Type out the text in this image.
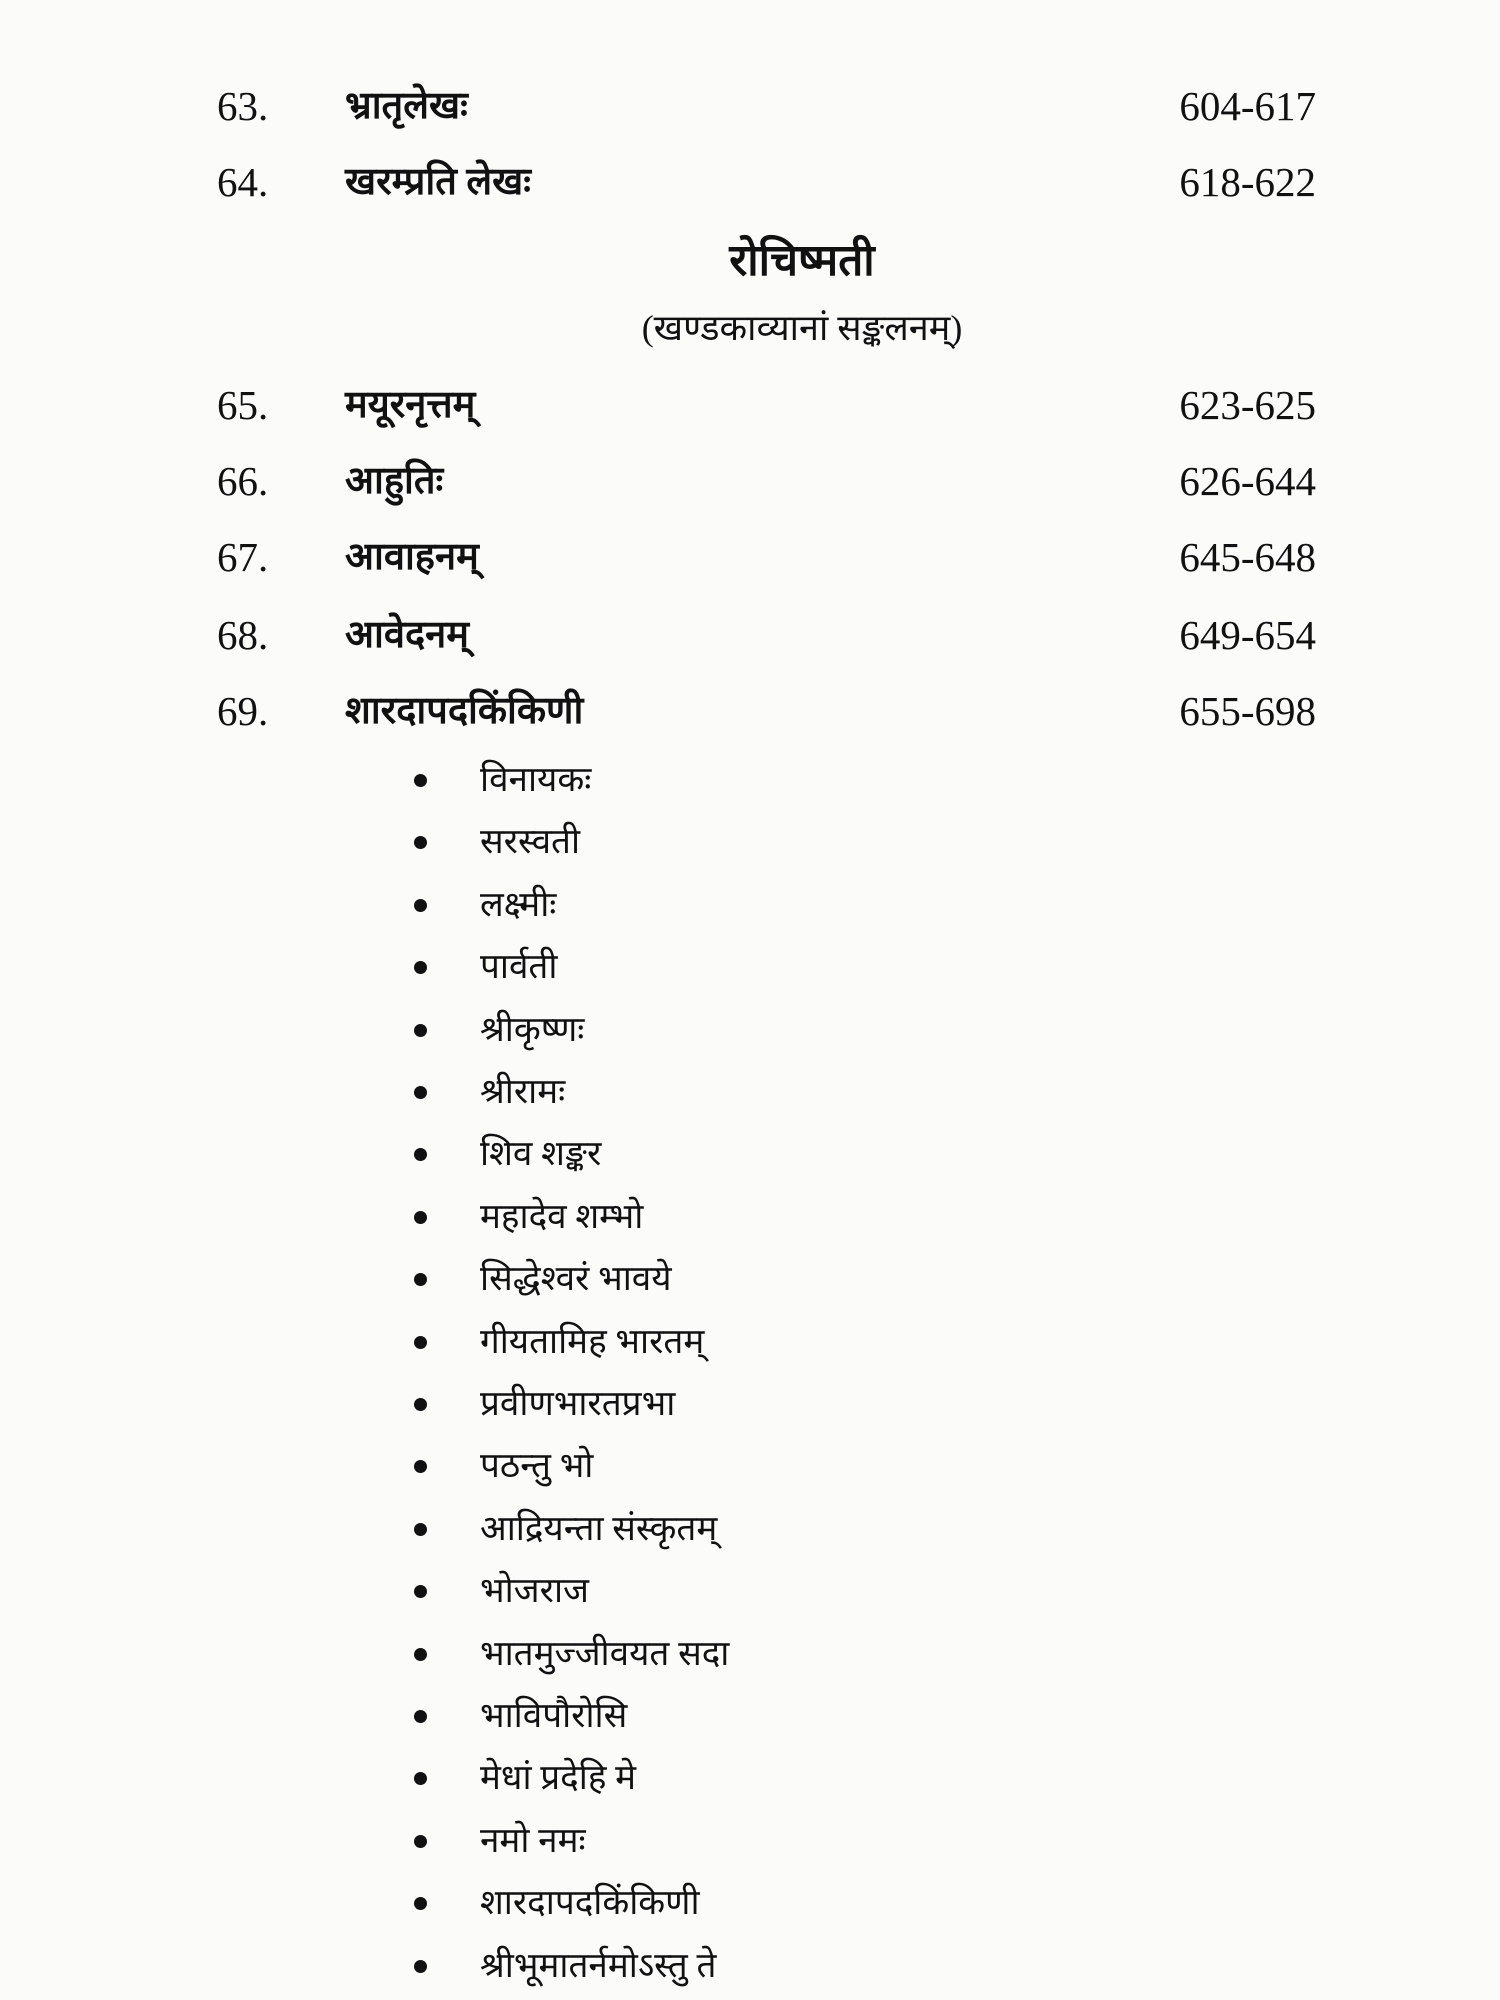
रोचिष्मती
(खण्डकाव्यानां सङ्कलनम्)
63. भ्रातृलेखः	604-617
64. खरम्प्रति लेखः	618-622
65. मयूरनृत्तम्	623-625
66. आहुतिः	626-644
67. आवाहनम्	645-648
68. आवेदनम्	649-654
69. शारदापदकिंकिणी	655-698
विनायकः
सरस्वती
लक्ष्मीः
पार्वती
श्रीकृष्णः
श्रीरामः
शिव शङ्कर
महादेव शम्भो
सिद्धेश्वरं भावये
गीयतामिह भारतम्
प्रवीणभारतप्रभा
पठन्तु भो
आद्रियन्ता संस्कृतम्
भोजराज
भातमुज्जीवयत सदा
भाविपौरोसि
मेधां प्रदेहि मे
नमो नमः
शारदापदकिंकिणी
श्रीभूमातर्नमोऽस्तु ते
